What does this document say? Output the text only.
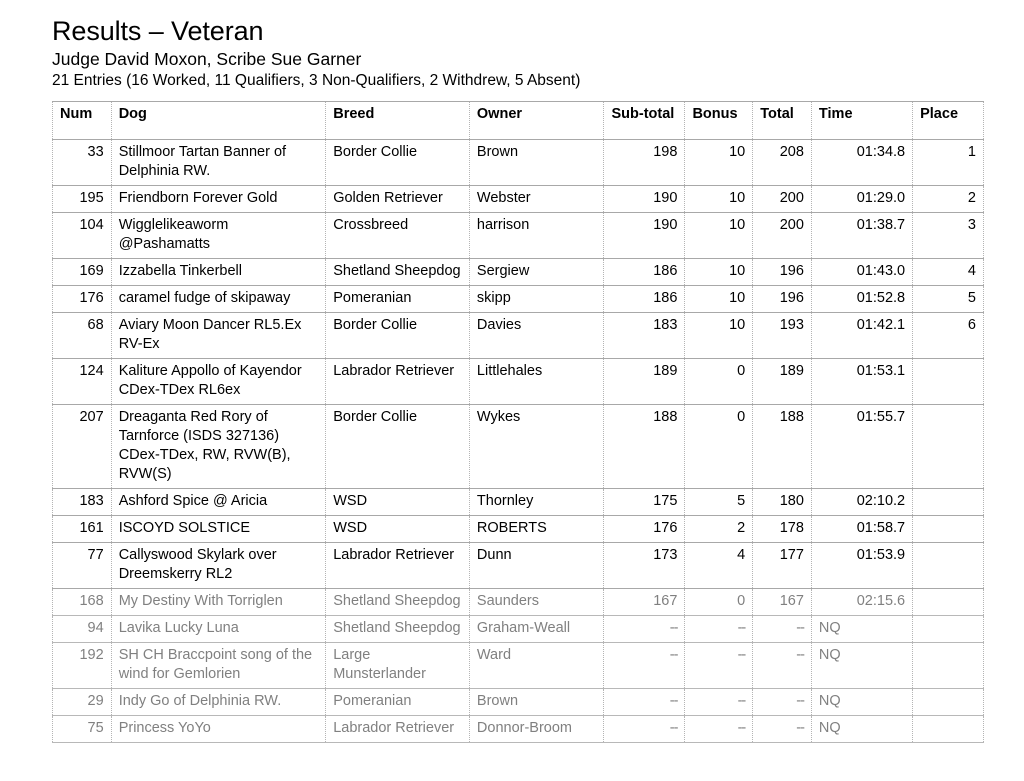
Results – Veteran

Judge David Moxon, Scribe Sue Garner

21 Entries (16 Worked, 11 Qualifiers, 3 Non-Qualifiers, 2 Withdrew, 5 Absent)

Num	Dog	Breed	Owner	Sub-total	Bonus	Total	Time	Place
33	Stillmoor Tartan Banner of Delphinia RW.	Border Collie	Brown	198	10	208	01:34.8	1
195	Friendborn Forever Gold	Golden Retriever	Webster	190	10	200	01:29.0	2
104	Wigglelikeaworm @Pashamatts	Crossbreed	harrison	190	10	200	01:38.7	3
169	Izzabella Tinkerbell	Shetland Sheepdog	Sergiew	186	10	196	01:43.0	4
176	caramel fudge of skipaway	Pomeranian	skipp	186	10	196	01:52.8	5
68	Aviary Moon Dancer RL5.Ex RV-Ex	Border Collie	Davies	183	10	193	01:42.1	6
124	Kaliture Appollo of Kayendor CDex-TDex RL6ex	Labrador Retriever	Littlehales	189	0	189	01:53.1	
207	Dreaganta Red Rory of Tarnforce (ISDS 327136) CDex-TDex, RW, RVW(B), RVW(S)	Border Collie	Wykes	188	0	188	01:55.7	
183	Ashford Spice @ Aricia	WSD	Thornley	175	5	180	02:10.2	
161	ISCOYD SOLSTICE	WSD	ROBERTS	176	2	178	01:58.7	
77	Callyswood Skylark over Dreemskerry RL2	Labrador Retriever	Dunn	173	4	177	01:53.9	
168	My Destiny With Torriglen	Shetland Sheepdog	Saunders	167	0	167	02:15.6	
94	Lavika Lucky Luna	Shetland Sheepdog	Graham-Weall	--	--	--	NQ	
192	SH CH Braccpoint song of the wind for Gemlorien	Large Munsterlander	Ward	--	--	--	NQ	
29	Indy Go of Delphinia RW.	Pomeranian	Brown	--	--	--	NQ	
75	Princess YoYo	Labrador Retriever	Donnor-Broom	--	--	--	NQ	
